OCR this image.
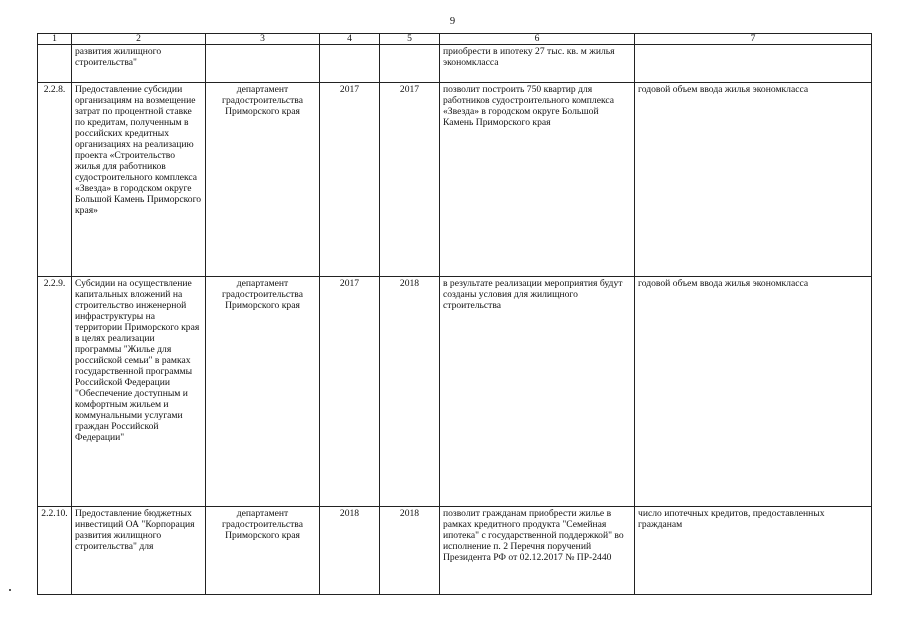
9
1	2	3	4	5	6	7
	развития жилищного строительства"				приобрести в ипотеку 27 тыс. кв. м жилья экономкласса	
2.2.8.	Предоставление субсидии организациям на возмещение затрат по процентной ставке по кредитам, полученным в российских кредитных организациях на реализацию проекта «Строительство жилья для работников судостроительного комплекса «Звезда» в городском округе Большой Камень Приморского края»	департамент градостроительства Приморского края	2017	2017	позволит построить 750 квартир для работников судостроительного комплекса «Звезда» в городском округе Большой Камень Приморского края	годовой объем ввода жилья экономкласса
2.2.9.	Субсидии на осуществление капитальных вложений на строительство инженерной инфраструктуры на территории Приморского края в целях реализации программы "Жилье для российской семьи" в рамках государственной программы Российской Федерации "Обеспечение доступным и комфортным жильем и коммунальными услугами граждан Российской Федерации"	департамент градостроительства Приморского края	2017	2018	в результате реализации мероприятия будут созданы условия для жилищного строительства	годовой объем ввода жилья экономкласса
2.2.10.	Предоставление бюджетных инвестиций ОА "Корпорация развития жилищного строительства" для	департамент градостроительства Приморского края	2018	2018	позволит гражданам приобрести жилье в рамках кредитного продукта "Семейная ипотека" с государственной поддержкой" во исполнение п. 2 Перечня поручений Президента РФ от 02.12.2017 № ПР-2440	число ипотечных кредитов, предоставленных гражданам
